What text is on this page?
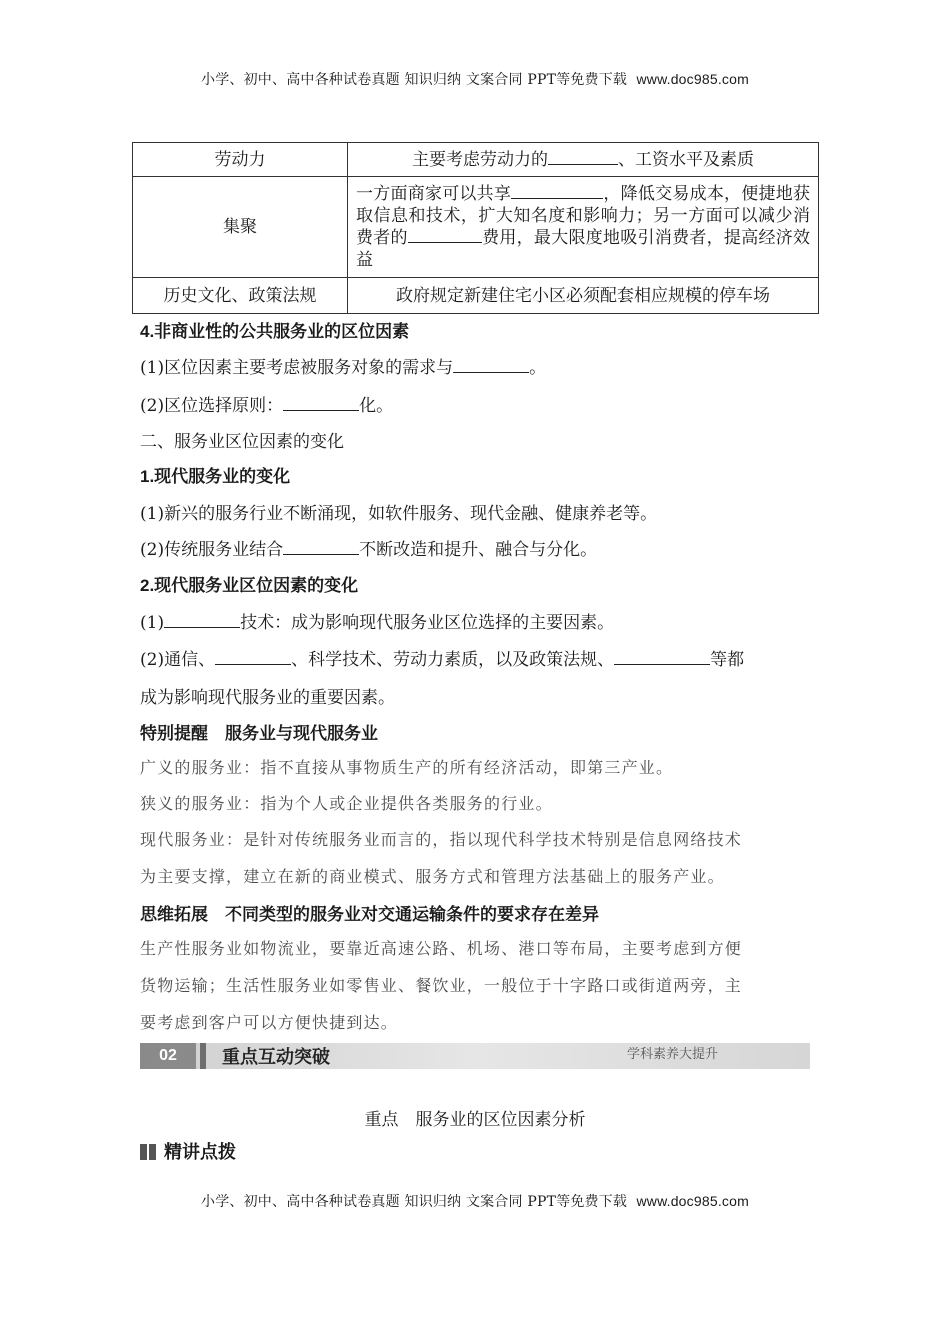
小学、初中、高中各种试卷真题 知识归纳 文案合同 PPT等免费下载 www.doc985.com
劳动力	主要考虑劳动力的 、工资水平及素质
集聚	一方面商家可以共享 ，降低交易成本，便捷地获取信息和技术，扩大知名度和影响力；另一方面可以减少消费者的 费用，最大限度地吸引消费者，提高经济效益
历史文化、政策法规	政府规定新建住宅小区必须配套相应规模的停车场
4.非商业性的公共服务业的区位因素
(1)区位因素主要考虑被服务对象的需求与	。
(2)区位选择原则：	化。
二、服务业区位因素的变化
1.现代服务业的变化
(1)新兴的服务行业不断涌现，如软件服务、现代金融、健康养老等。
(2)传统服务业结合	不断改造和提升、融合与分化。
2.现代服务业区位因素的变化
(1)	技术：成为影响现代服务业区位选择的主要因素。
(2)通信、	、科学技术、劳动力素质，以及政策法规、	等都
成为影响现代服务业的重要因素。
特别提醒　服务业与现代服务业
广义的服务业：指不直接从事物质生产的所有经济活动，即第三产业。
狭义的服务业：指为个人或企业提供各类服务的行业。
现代服务业：是针对传统服务业而言的，指以现代科学技术特别是信息网络技术
为主要支撑，建立在新的商业模式、服务方式和管理方法基础上的服务产业。
思维拓展　不同类型的服务业对交通运输条件的要求存在差异
生产性服务业如物流业，要靠近高速公路、机场、港口等布局，主要考虑到方便
货物运输；生活性服务业如零售业、餐饮业，一般位于十字路口或街道两旁，主
要考虑到客户可以方便快捷到达。
02	重点互动突破	学科素养大提升
重点　服务业的区位因素分析
精讲点拨
小学、初中、高中各种试卷真题 知识归纳 文案合同 PPT等免费下载 www.doc985.com
